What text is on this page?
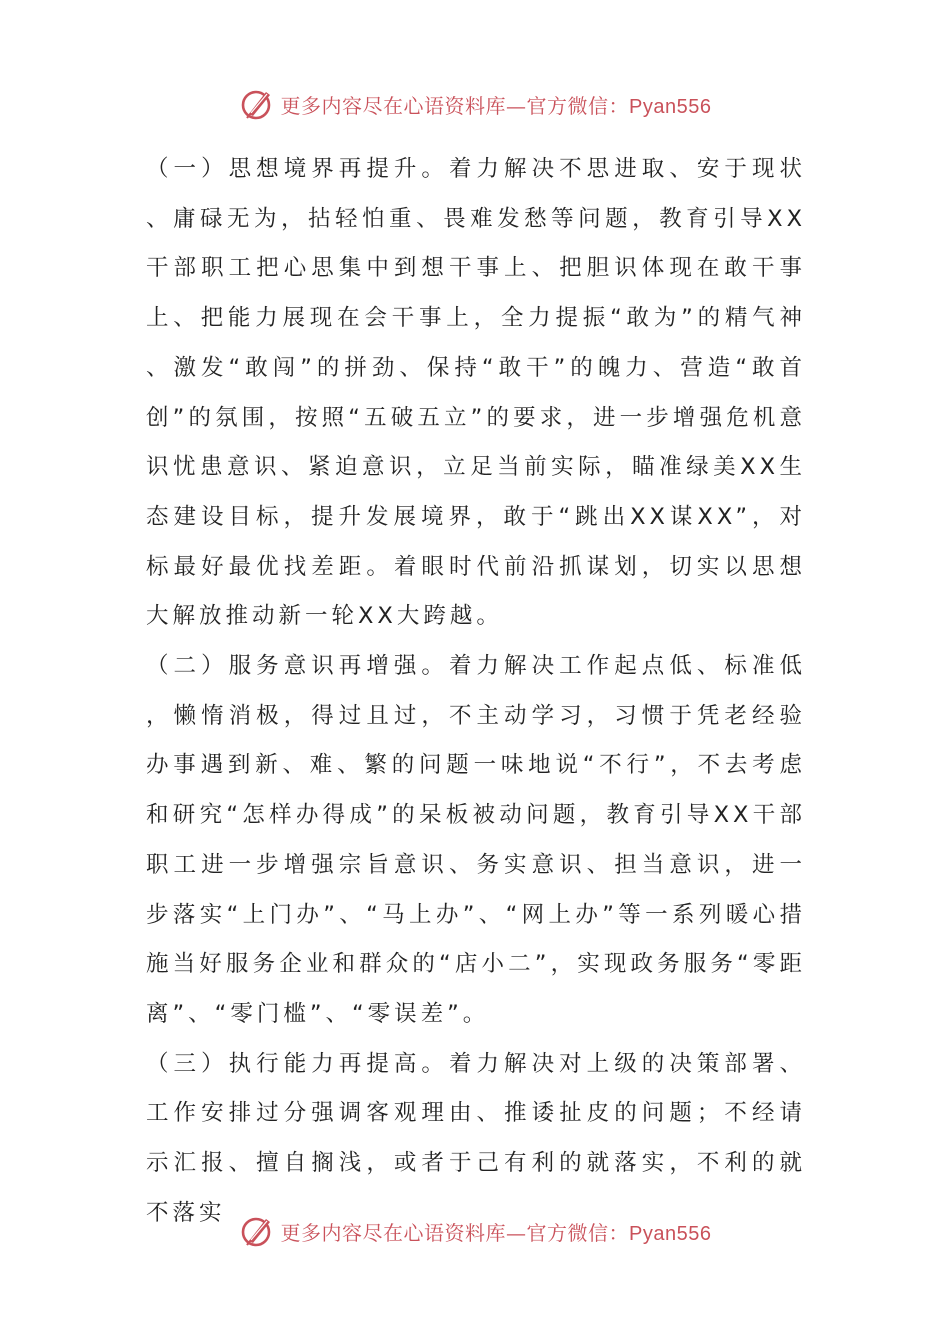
更多内容尽在心语资料库—官方微信：Pyan556

（一）思想境界再提升。着力解决不思进取、安于现状、庸碌无为，拈轻怕重、畏难发愁等问题，教育引导XX干部职工把心思集中到想干事上、把胆识体现在敢干事上、把能力展现在会干事上，全力提振“敢为”的精气神、激发“敢闯”的拼劲、保持“敢干”的魄力、营造“敢首创”的氛围，按照“五破五立”的要求，进一步增强危机意识忧患意识、紧迫意识，立足当前实际，瞄准绿美XX生态建设目标，提升发展境界，敢于“跳出XX谋XX”，对标最好最优找差距。着眼时代前沿抓谋划，切实以思想大解放推动新一轮XX大跨越。

（二）服务意识再增强。着力解决工作起点低、标准低，懒惰消极，得过且过，不主动学习，习惯于凭老经验办事遇到新、难、繁的问题一味地说“不行”，不去考虑和研究“怎样办得成”的呆板被动问题，教育引导XX干部职工进一步增强宗旨意识、务实意识、担当意识，进一步落实“上门办”、“马上办”、“网上办”等一系列暖心措施当好服务企业和群众的“店小二”，实现政务服务“零距离”、“零门槛”、“零误差”。

（三）执行能力再提高。着力解决对上级的决策部署、工作安排过分强调客观理由、推诿扯皮的问题；不经请示汇报、擅自搁浅，或者于己有利的就落实，不利的就不落实

更多内容尽在心语资料库—官方微信：Pyan556
